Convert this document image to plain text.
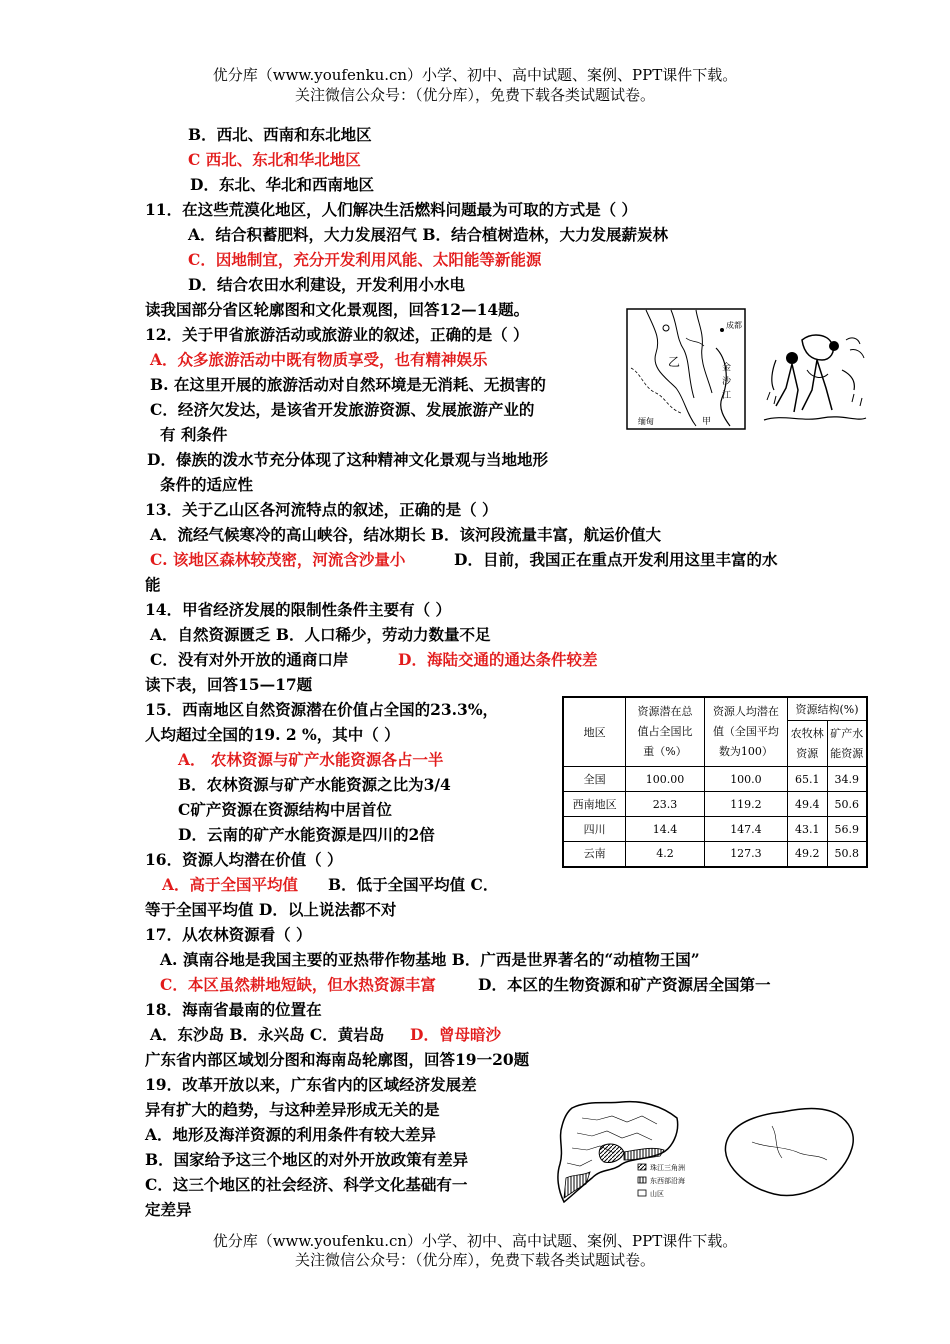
优分库（www.youfenku.cn）小学、初中、高中试题、案例、PPT课件下载。
关注微信公众号：（优分库），免费下载各类试题试卷。
B．西北、西南和东北地区
C 西北、东北和华北地区
D．东北、华北和西南地区
11．在这些荒漠化地区，人们解决生活燃料问题最为可取的方式是（ ）
A．结合积蓄肥料，大力发展沼气 B．结合植树造林，大力发展薪炭林
C．因地制宜，充分开发利用风能、太阳能等新能源
D．结合农田水利建设，开发利用小水电
读我国部分省区轮廓图和文化景观图，回答12—14题。
12．关于甲省旅游活动或旅游业的叙述，正确的是（ ）
A．众多旅游活动中既有物质享受，也有精神娱乐
B. 在这里开展的旅游活动对自然环境是无消耗、无损害的
C．经济欠发达，是该省开发旅游资源、发展旅游产业的
有 利条件
D．傣族的泼水节充分体现了这种精神文化景观与当地地形
条件的适应性
13．关于乙山区各河流特点的叙述，正确的是（ ）
A．流经气候寒冷的高山峡谷，结冰期长 B．该河段流量丰富，航运价值大
C. 该地区森林较茂密，河流含沙量小	D．目前，我国正在重点开发利用这里丰富的水
能
14．甲省经济发展的限制性条件主要有（ ）
A．自然资源匮乏 B．人口稀少，劳动力数量不足
C．没有对外开放的通商口岸	D．海陆交通的通达条件较差
读下表，回答15—17题
15．西南地区自然资源潜在价值占全国的23.3%，
人均超过全国的19. 2 %，其中（ ）
A． 农林资源与矿产水能资源各占一半
B．农林资源与矿产水能资源之比为3/4
C矿产资源在资源结构中居首位
D．云南的矿产水能资源是四川的2倍
16．资源人均潜在价值（ ）
A．高于全国平均值 B．低于全国平均值 C．
等于全国平均值 D．以上说法都不对
17．从农林资源看（ ）
A. 滇南谷地是我国主要的亚热带作物基地 B．广西是世界著名的“动植物王国”
C．本区虽然耕地短缺，但水热资源丰富	D．本区的生物资源和矿产资源居全国第一
18．海南省最南的位置在
A．东沙岛 B．永兴岛 C．黄岩岛 D．曾母暗沙
广东省内部区域划分图和海南岛轮廓图，回答19一20题
19．改革开放以来，广东省内的区域经济发展差
异有扩大的趋势，与这种差异形成无关的是
A．地形及海洋资源的利用条件有较大差异
B．国家给予这三个地区的对外开放政策有差异
C．这三个地区的社会经济、科学文化基础有一
定差异
成都
乙	金
沙
江
缅甸	甲
地区	资源潜在总值占全国比重（%）	资源人均潜在值（全国平均数为100）	资源结构(%)	
			农牧林资源	矿产水能资源
全国	100.00	100.0	65.1	34.9
西南地区	23.3	119.2	49.4	50.6
四川	14.4	147.4	43.1	56.9
云南	4.2	127.3	49.2	50.8
珠江三角洲
东西部沿海
山区
优分库（www.youfenku.cn）小学、初中、高中试题、案例、PPT课件下载。
关注微信公众号：（优分库），免费下载各类试题试卷。
